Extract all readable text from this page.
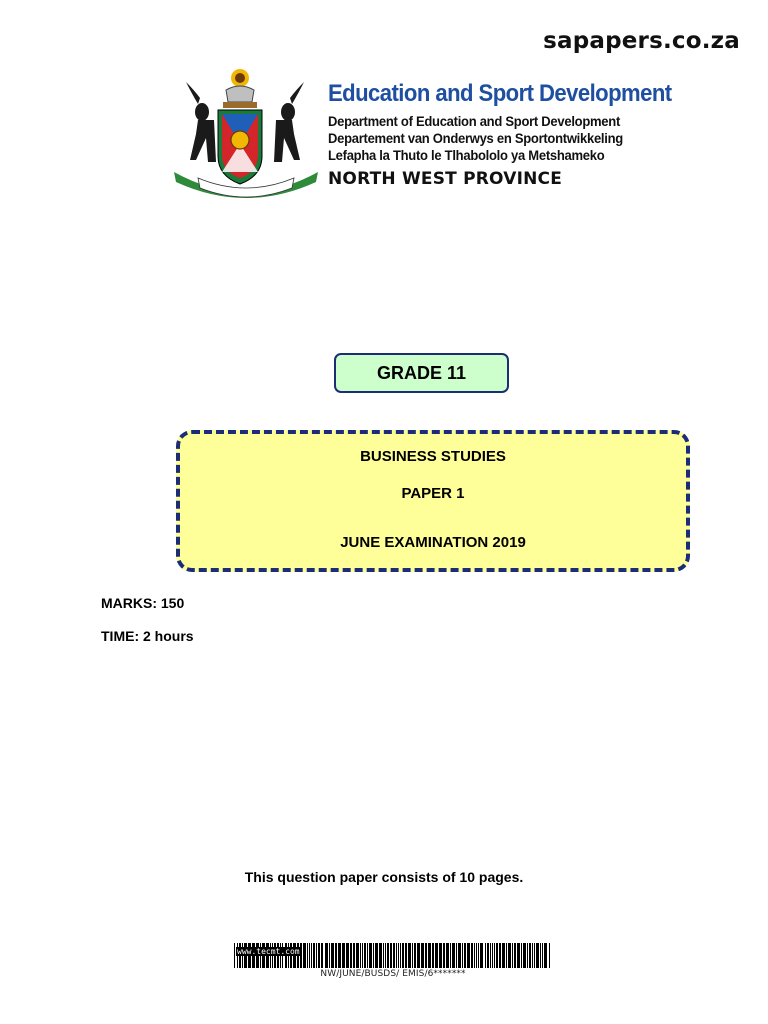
sapapers.co.za
Education and Sport Development
Department of Education and Sport Development
Departement van Onderwys en Sportontwikkeling
Lefapha la Thuto le Tlhabololo ya Metshameko
NORTH WEST PROVINCE
GRADE 11
BUSINESS STUDIES
PAPER 1
JUNE EXAMINATION 2019
MARKS: 150
TIME: 2 hours
This question paper consists of 10 pages.
www.tecmt.com
NW/JUNE/BUSDS/ EMIS/6*******
